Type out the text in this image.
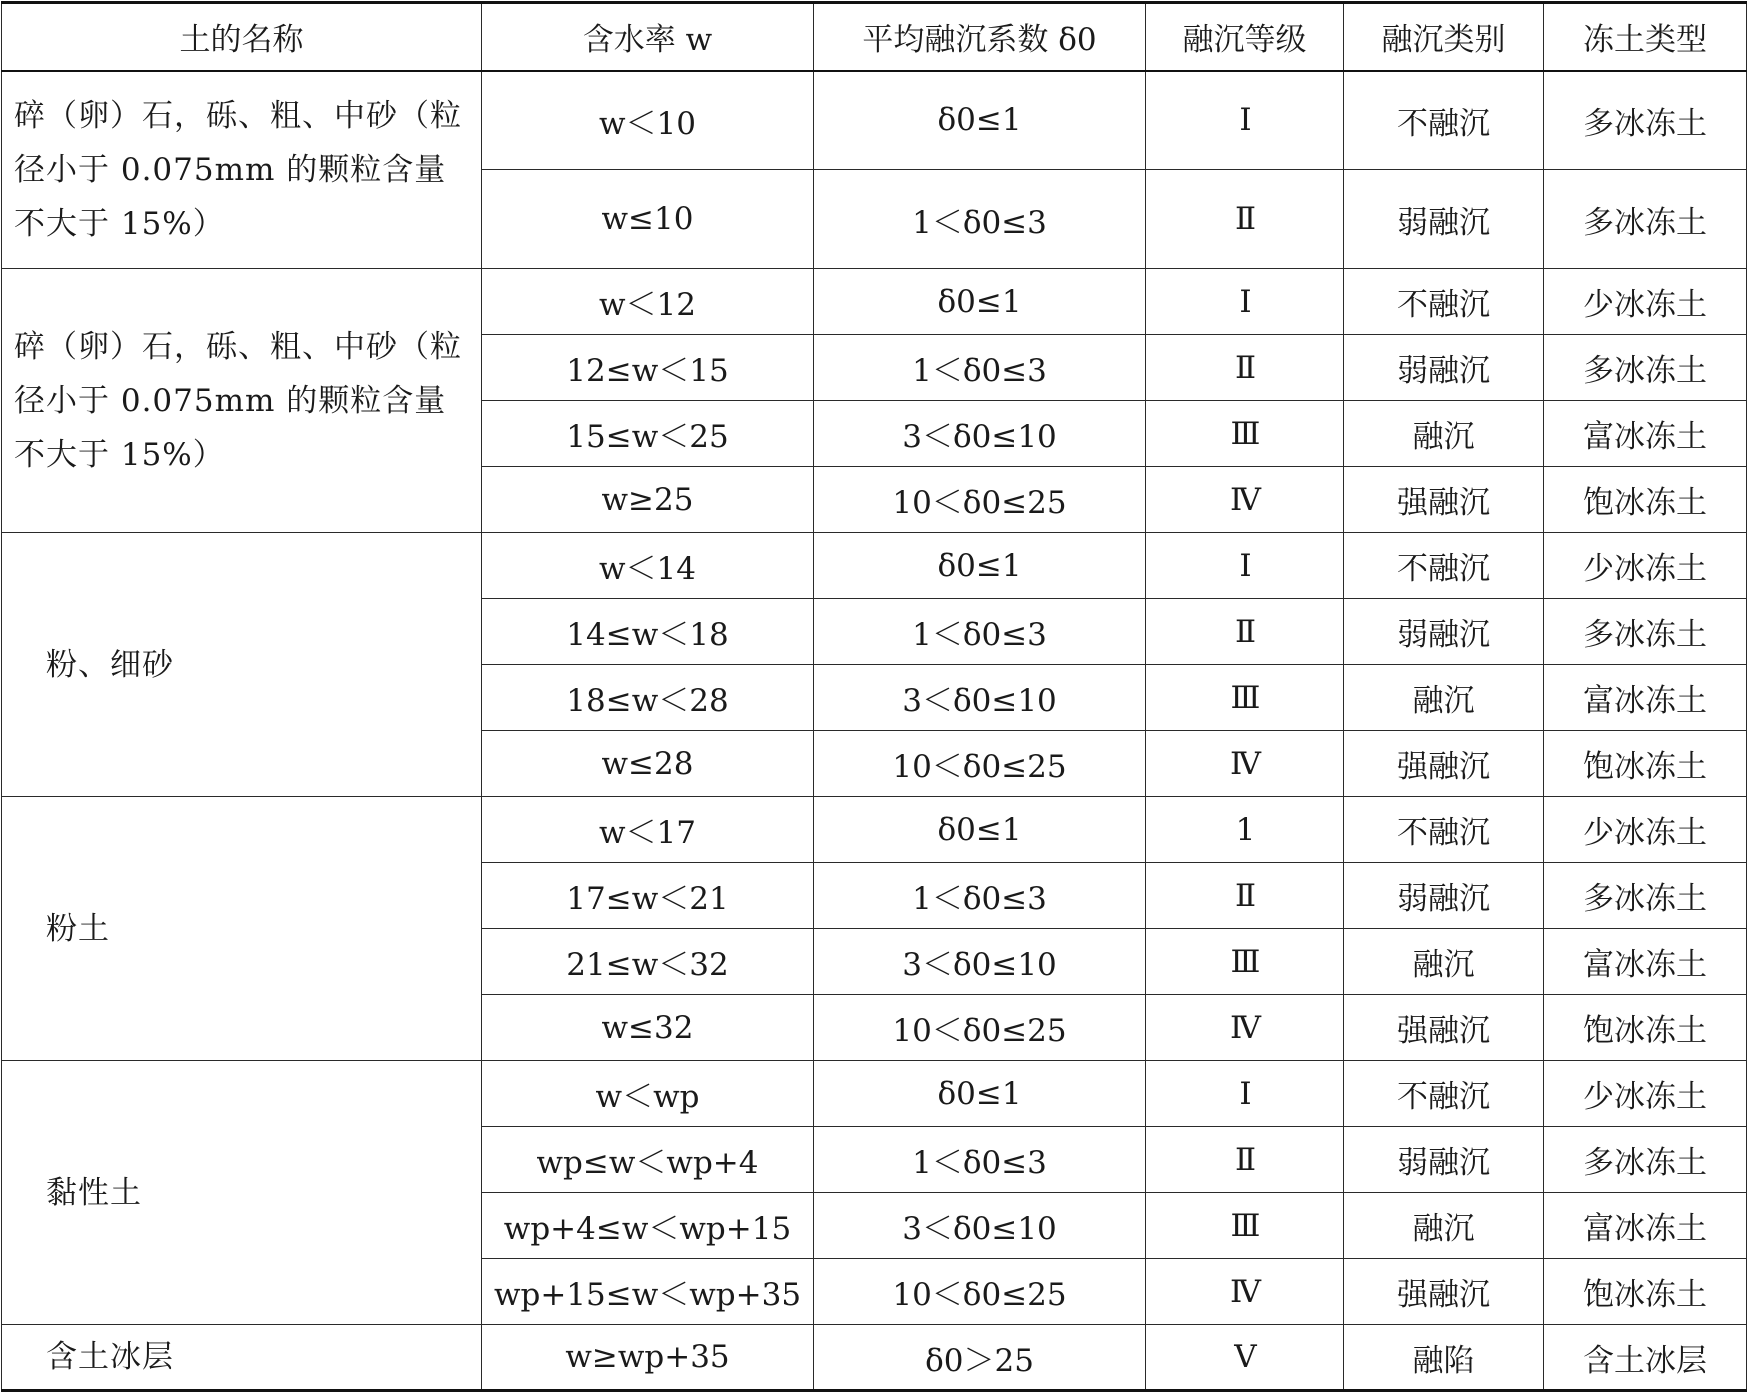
土的名称	含水率 w	平均融沉系数 δ0	融沉等级	融沉类别	冻土类型
碎（卵）石，砾、粗、中砂（粒径小于 0.075mm 的颗粒含量不大于 15%）	w＜10	δ0≤1	Ⅰ	不融沉	多冰冻土
	w≤10	1＜δ0≤3	Ⅱ	弱融沉	多冰冻土
碎（卵）石，砾、粗、中砂（粒径小于 0.075mm 的颗粒含量不大于 15%）	w＜12	δ0≤1	Ⅰ	不融沉	少冰冻土
	12≤w＜15	1＜δ0≤3	Ⅱ	弱融沉	多冰冻土
	15≤w＜25	3＜δ0≤10	Ⅲ	融沉	富冰冻土
	w≥25	10＜δ0≤25	Ⅳ	强融沉	饱冰冻土
粉、细砂	w＜14	δ0≤1	Ⅰ	不融沉	少冰冻土
	14≤w＜18	1＜δ0≤3	Ⅱ	弱融沉	多冰冻土
	18≤w＜28	3＜δ0≤10	Ⅲ	融沉	富冰冻土
	w≤28	10＜δ0≤25	Ⅳ	强融沉	饱冰冻土
粉土	w＜17	δ0≤1	1	不融沉	少冰冻土
	17≤w＜21	1＜δ0≤3	Ⅱ	弱融沉	多冰冻土
	21≤w＜32	3＜δ0≤10	Ⅲ	融沉	富冰冻土
	w≤32	10＜δ0≤25	Ⅳ	强融沉	饱冰冻土
黏性土	w＜wp	δ0≤1	Ⅰ	不融沉	少冰冻土
	wp≤w＜wp+4	1＜δ0≤3	Ⅱ	弱融沉	多冰冻土
	wp+4≤w＜wp+15	3＜δ0≤10	Ⅲ	融沉	富冰冻土
	wp+15≤w＜wp+35	10＜δ0≤25	Ⅳ	强融沉	饱冰冻土
含土冰层	w≥wp+35	δ0＞25	Ⅴ	融陷	含土冰层
